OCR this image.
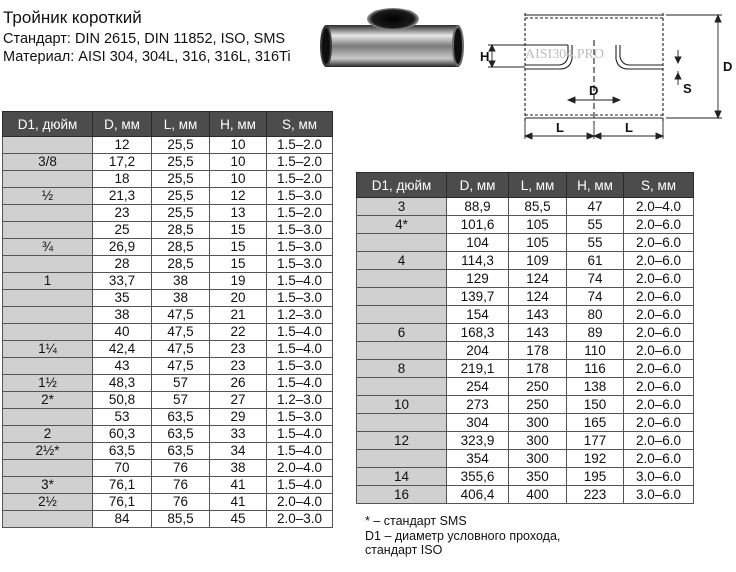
Тройник короткий
Стандарт: DIN 2615, DIN 11852, ISO, SMS
Материал: AISI 304, 304L, 316, 316L, 316Ti	AISI304.PRO
D
H
S
D
L	L
D1, дюйм	D, мм	L, мм	H, мм	S, мм
	12	25,5	10	1.5–2.0
3/8	17,2	25,5	10	1.5–2.0
	18	25,5	10	1.5–2.0
½	21,3	25,5	12	1.5–3.0
	23	25,5	13	1.5–2.0
	25	28,5	15	1.5–3.0
¾	26,9	28,5	15	1.5–3.0
	28	28,5	15	1.5–3.0
1	33,7	38	19	1.5–4.0
	35	38	20	1.5–3.0
	38	47,5	21	1.2–3.0
	40	47,5	22	1.5–4.0
1¼	42,4	47,5	23	1.5–4.0
	43	47,5	23	1.5–3.0
1½	48,3	57	26	1.5–4.0
2*	50,8	57	27	1.2–3.0
	53	63,5	29	1.5–3.0
2	60,3	63,5	33	1.5–4.0
2½*	63,5	63,5	34	1.5–4.0
	70	76	38	2.0–4.0
3*	76,1	76	41	1.5–4.0
2½	76,1	76	41	2.0–4.0
	84	85,5	45	2.0–3.0
D1, дюйм	D, мм	L, мм	H, мм	S, мм
3	88,9	85,5	47	2.0–4.0
4*	101,6	105	55	2.0–6.0
	104	105	55	2.0–6.0
4	114,3	109	61	2.0–6.0
	129	124	74	2.0–6.0
	139,7	124	74	2.0–6.0
	154	143	80	2.0–6.0
6	168,3	143	89	2.0–6.0
	204	178	110	2.0–6.0
8	219,1	178	116	2.0–6.0
	254	250	138	2.0–6.0
10	273	250	150	2.0–6.0
	304	300	165	2.0–6.0
12	323,9	300	177	2.0–6.0
	354	300	192	2.0–6.0
14	355,6	350	195	3.0–6.0
16	406,4	400	223	3.0–6.0
* – стандарт SMS
D1 – диаметр условного прохода,
стандарт ISO
